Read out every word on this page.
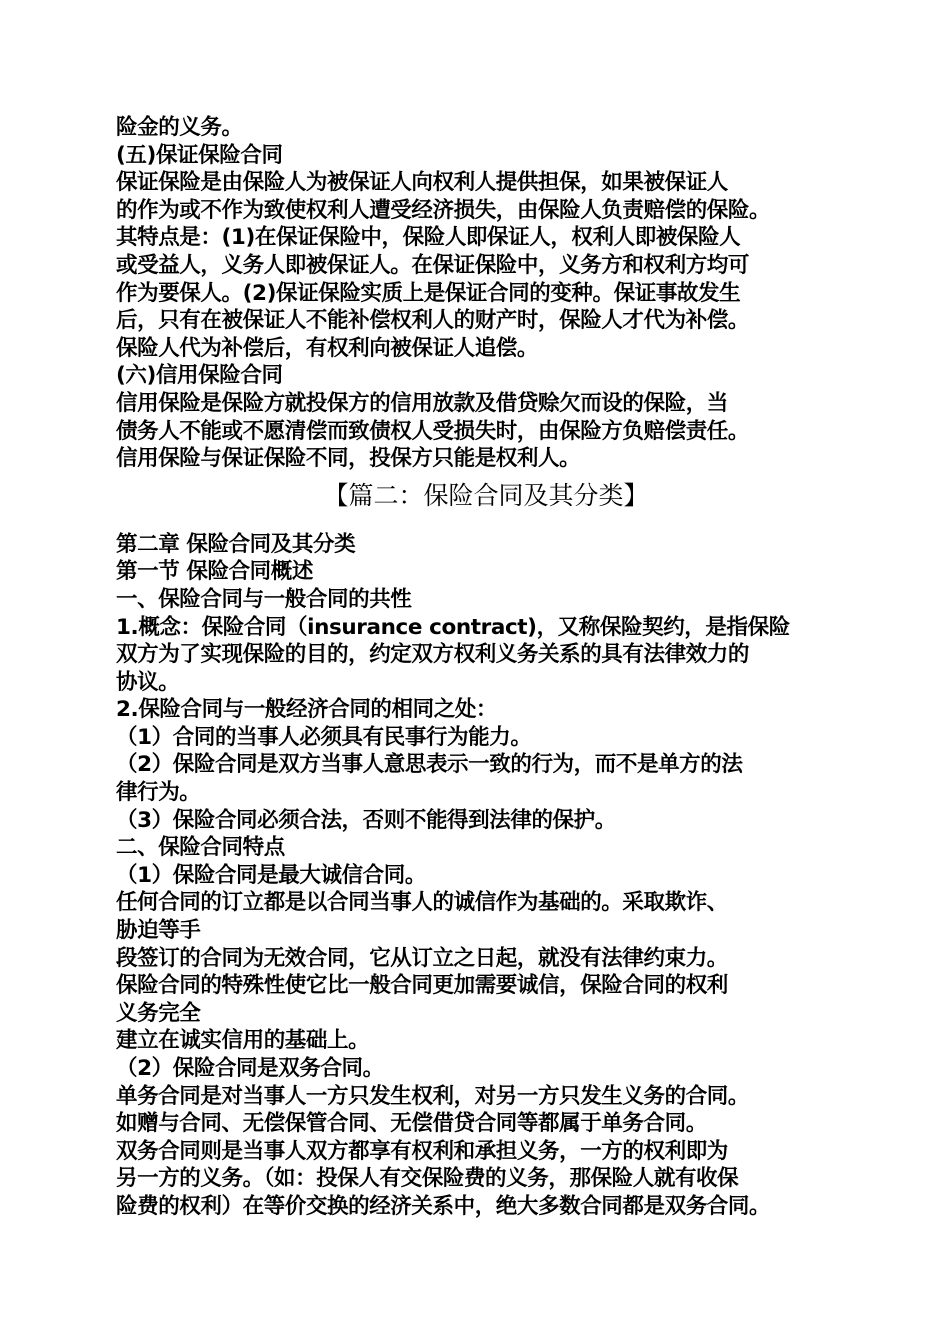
险金的义务。
(五)保证保险合同
保证保险是由保险人为被保证人向权利人提供担保，如果被保证人
的作为或不作为致使权利人遭受经济损失，由保险人负责赔偿的保险。
其特点是：(1)在保证保险中，保险人即保证人，权利人即被保险人
或受益人，义务人即被保证人。在保证保险中，义务方和权利方均可
作为要保人。(2)保证保险实质上是保证合同的变种。保证事故发生
后，只有在被保证人不能补偿权利人的财产时，保险人才代为补偿。
保险人代为补偿后，有权利向被保证人追偿。
(六)信用保险合同
信用保险是保险方就投保方的信用放款及借贷赊欠而设的保险，当
债务人不能或不愿清偿而致债权人受损失时，由保险方负赔偿责任。
信用保险与保证保险不同，投保方只能是权利人。
【篇二：保险合同及其分类】
第二章 保险合同及其分类
第一节 保险合同概述
一、保险合同与一般合同的共性
1.概念：保险合同（insurance contract)，又称保险契约，是指保险
双方为了实现保险的目的，约定双方权利义务关系的具有法律效力的
协议。
2.保险合同与一般经济合同的相同之处：
（1）合同的当事人必须具有民事行为能力。
（2）保险合同是双方当事人意思表示一致的行为，而不是单方的法
律行为。
（3）保险合同必须合法，否则不能得到法律的保护。
二、保险合同特点
（1）保险合同是最大诚信合同。
任何合同的订立都是以合同当事人的诚信作为基础的。采取欺诈、
胁迫等手
段签订的合同为无效合同，它从订立之日起，就没有法律约束力。
保险合同的特殊性使它比一般合同更加需要诚信，保险合同的权利
义务完全
建立在诚实信用的基础上。
（2）保险合同是双务合同。
单务合同是对当事人一方只发生权利，对另一方只发生义务的合同。
如赠与合同、无偿保管合同、无偿借贷合同等都属于单务合同。
双务合同则是当事人双方都享有权利和承担义务，一方的权利即为
另一方的义务。（如：投保人有交保险费的义务，那保险人就有收保
险费的权利）在等价交换的经济关系中，绝大多数合同都是双务合同。
